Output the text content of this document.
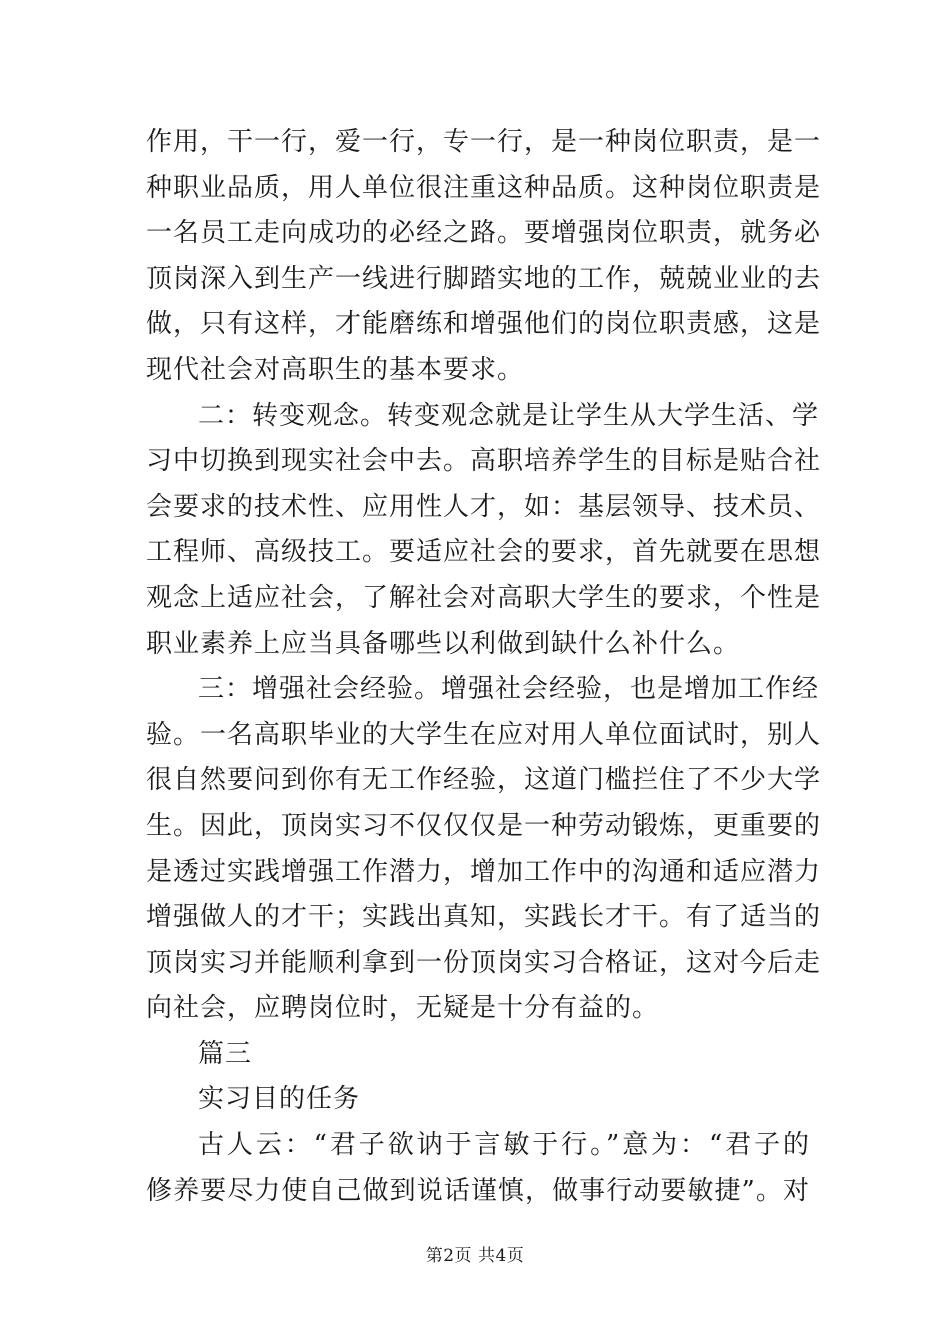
作用，干一行，爱一行，专一行，是一种岗位职责，是一
种职业品质，用人单位很注重这种品质。这种岗位职责是
一名员工走向成功的必经之路。要增强岗位职责，就务必
顶岗深入到生产一线进行脚踏实地的工作，兢兢业业的去
做，只有这样，才能磨练和增强他们的岗位职责感，这是
现代社会对高职生的基本要求。
二：转变观念。转变观念就是让学生从大学生活、学
习中切换到现实社会中去。高职培养学生的目标是贴合社
会要求的技术性、应用性人才，如：基层领导、技术员、
工程师、高级技工。要适应社会的要求，首先就要在思想
观念上适应社会，了解社会对高职大学生的要求，个性是
职业素养上应当具备哪些以利做到缺什么补什么。
三：增强社会经验。增强社会经验，也是增加工作经
验。一名高职毕业的大学生在应对用人单位面试时，别人
很自然要问到你有无工作经验，这道门槛拦住了不少大学
生。因此，顶岗实习不仅仅仅是一种劳动锻炼，更重要的
是透过实践增强工作潜力，增加工作中的沟通和适应潜力
增强做人的才干；实践出真知，实践长才干。有了适当的
顶岗实习并能顺利拿到一份顶岗实习合格证，这对今后走
向社会，应聘岗位时，无疑是十分有益的。
篇三
实习目的任务
古人云：“君子欲讷于言敏于行。”意为：“君子的
修养要尽力使自己做到说话谨慎，做事行动要敏捷”。对
第2页 共4页
